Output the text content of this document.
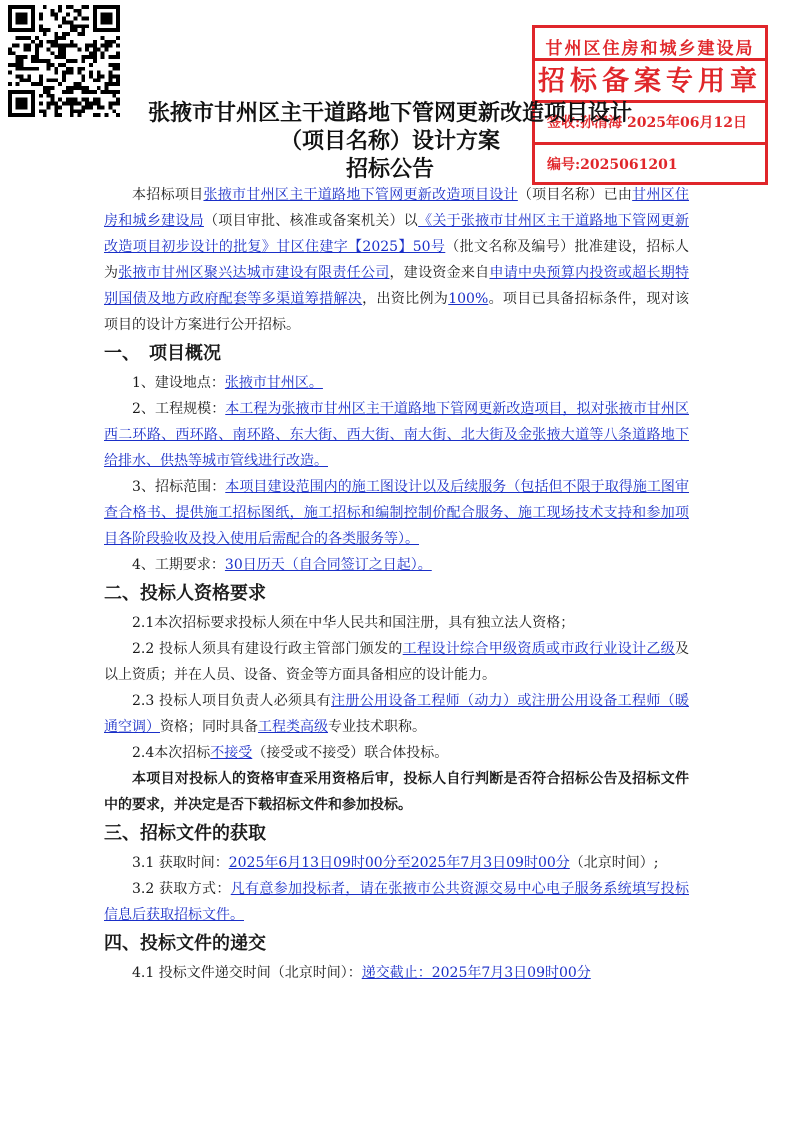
甘州区住房和城乡建设局
招标备案专用章
签收:孙清海 2025年06月12日
编号:2025061201
张掖市甘州区主干道路地下管网更新改造项目设计
（项目名称）设计方案
招标公告

本招标项目张掖市甘州区主干道路地下管网更新改造项目设计（项目名称）已由甘州区住房和城乡建设局（项目审批、核准或备案机关）以《关于张掖市甘州区主干道路地下管网更新改造项目初步设计的批复》甘区住建字【2025】50号（批文名称及编号）批准建设，招标人为张掖市甘州区聚兴达城市建设有限责任公司，建设资金来自申请中央预算内投资或超长期特别国债及地方政府配套等多渠道筹措解决，出资比例为100%。项目已具备招标条件，现对该项目的设计方案进行公开招标。

一、　项目概况

1、建设地点：张掖市甘州区。

2、工程规模：本工程为张掖市甘州区主干道路地下管网更新改造项目，拟对张掖市甘州区西二环路、西环路、南环路、东大街、西大街、南大街、北大街及金张掖大道等八条道路地下给排水、供热等城市管线进行改造。

3、招标范围：本项目建设范围内的施工图设计以及后续服务（包括但不限于取得施工图审查合格书、提供施工招标图纸，施工招标和编制控制价配合服务、施工现场技术支持和参加项目各阶段验收及投入使用后需配合的各类服务等）。

4、工期要求：30日历天（自合同签订之日起）。

二、投标人资格要求

2.1本次招标要求投标人须在中华人民共和国注册，具有独立法人资格；

2.2 投标人须具有建设行政主管部门颁发的工程设计综合甲级资质或市政行业设计乙级及以上资质；并在人员、设备、资金等方面具备相应的设计能力。

2.3 投标人项目负责人必须具有注册公用设备工程师（动力）或注册公用设备工程师（暖通空调）资格；同时具备工程类高级专业技术职称。

2.4本次招标不接受（接受或不接受）联合体投标。

本项目对投标人的资格审查采用资格后审，投标人自行判断是否符合招标公告及招标文件中的要求，并决定是否下载招标文件和参加投标。

三、招标文件的获取

3.1 获取时间：2025年6月13日09时00分至2025年7月3日09时00分（北京时间）;

3.2 获取方式：凡有意参加投标者，请在张掖市公共资源交易中心电子服务系统填写投标信息后获取招标文件。

四、投标文件的递交

4.1 投标文件递交时间（北京时间）：递交截止：2025年7月3日09时00分
